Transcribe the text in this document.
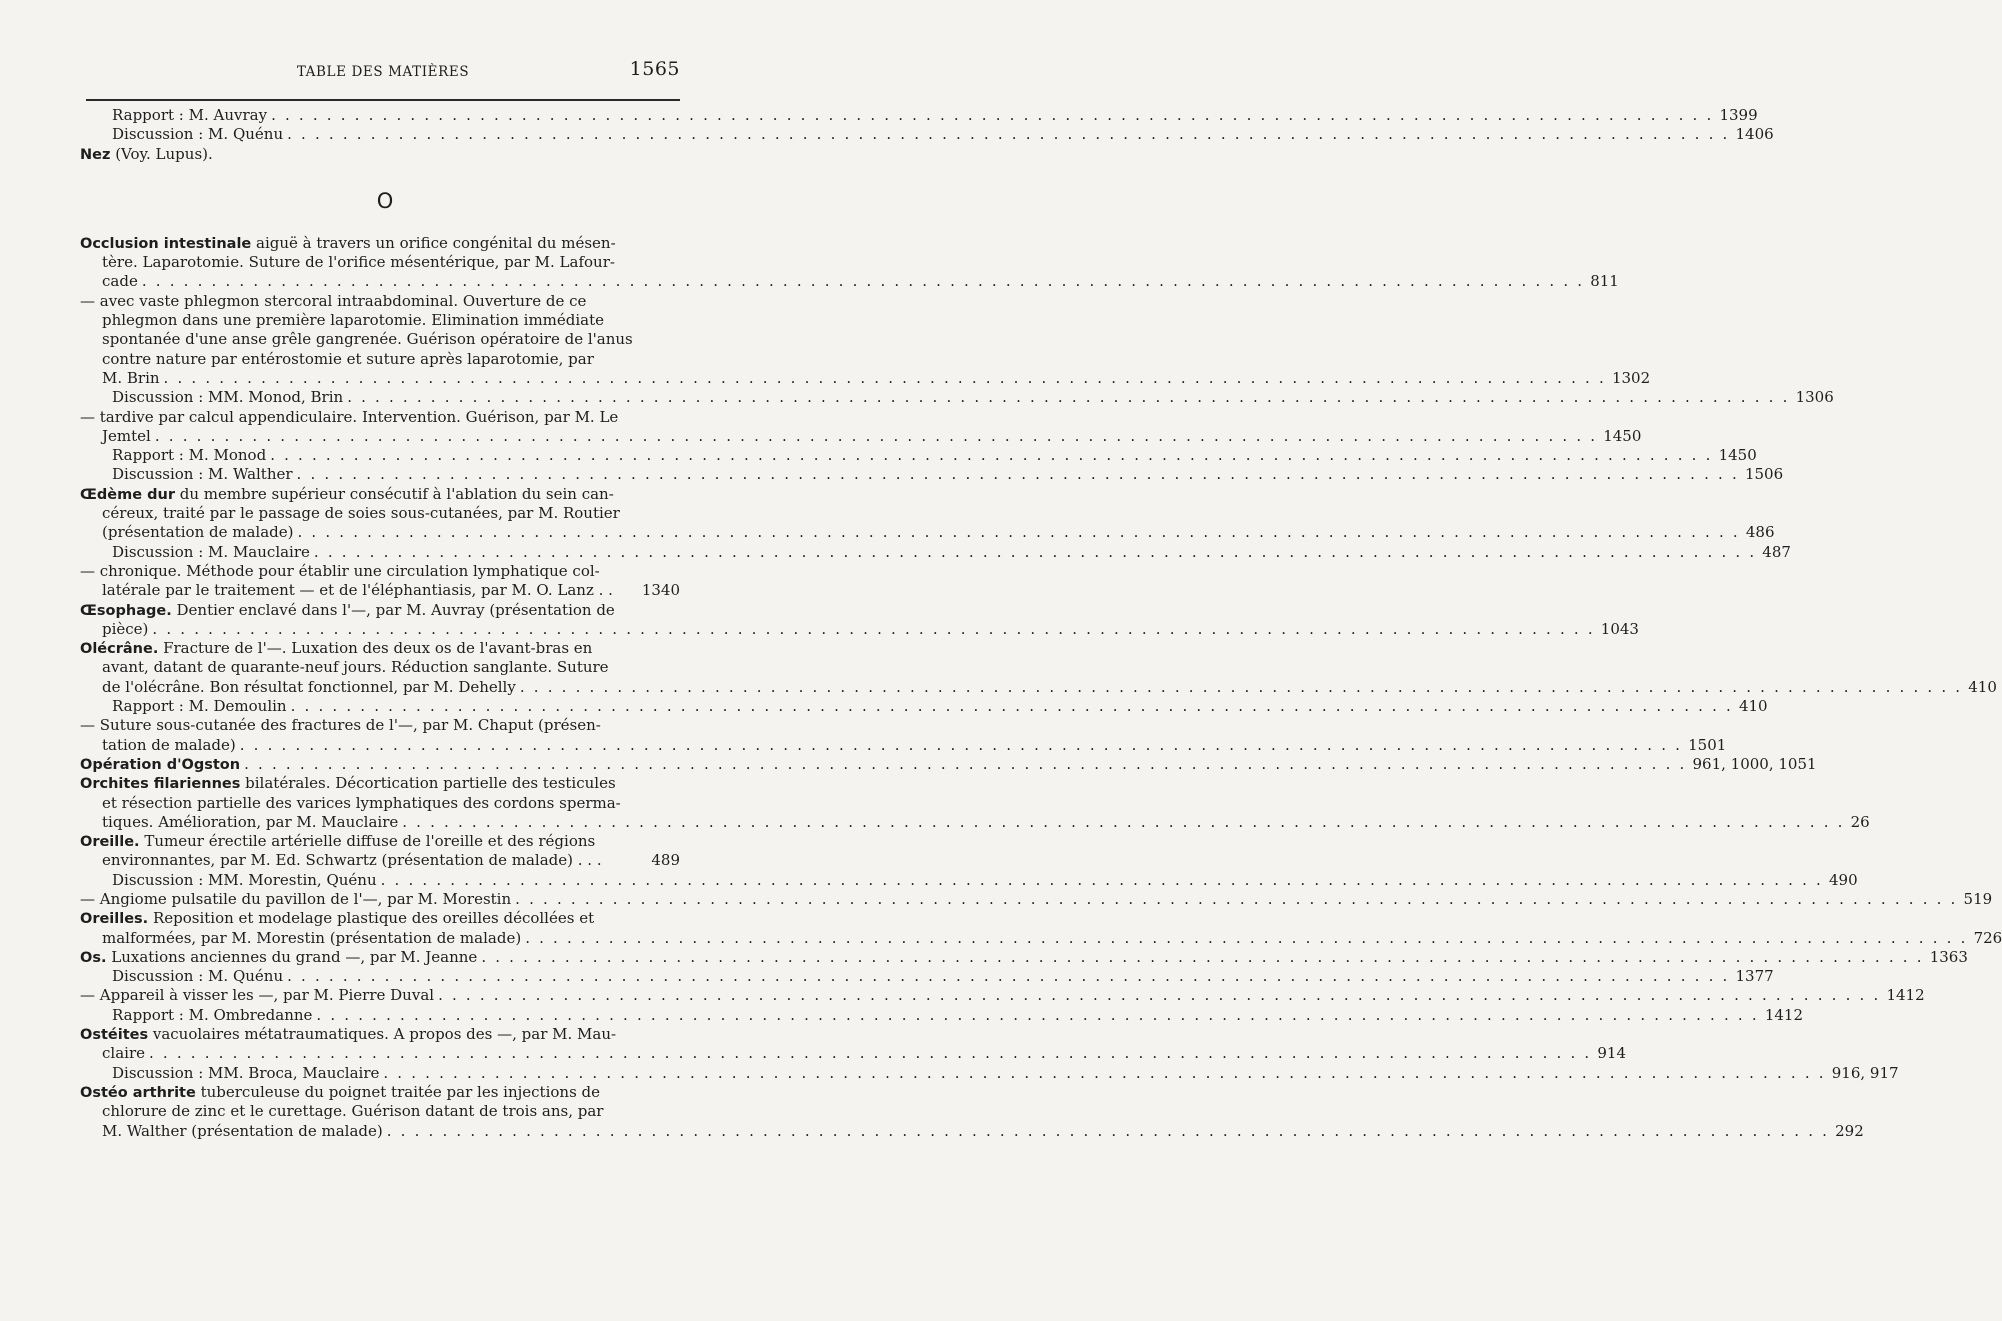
TABLE DES MATIÈRES	1565
Rapport : M. Auvray . . .	1399
Discussion : M. Quénu . . .	1406
Nez (Voy. Lupus).
O
Occlusion intestinale aiguë à travers un orifice congénital du mésen-
tère. Laparotomie. Suture de l'orifice mésentérique, par M. Lafour-
cade . . .	811
— avec vaste phlegmon stercoral intraabdominal. Ouverture de ce
phlegmon dans une première laparotomie. Elimination immédiate
spontanée d'une anse grêle gangrenée. Guérison opératoire de l'anus
contre nature par entérostomie et suture après laparotomie, par
M. Brin . . .	1302
Discussion : MM. Monod, Brin . . .	1306
— tardive par calcul appendiculaire. Intervention. Guérison, par M. Le
Jemtel . . .	1450
Rapport : M. Monod . . .	1450
Discussion : M. Walther . . .	1506
Œdème dur du membre supérieur consécutif à l'ablation du sein can-
céreux, traité par le passage de soies sous-cutanées, par M. Routier
(présentation de malade) . . .	486
Discussion : M. Mauclaire . . .	487
— chronique. Méthode pour établir une circulation lymphatique col-
latérale par le traitement — et de l'éléphantiasis, par M. O. Lanz . .	1340
Œsophage. Dentier enclavé dans l'—, par M. Auvray (présentation de
pièce) . . .	1043
Olécrâne. Fracture de l'—. Luxation des deux os de l'avant-bras en
avant, datant de quarante-neuf jours. Réduction sanglante. Suture
de l'olécrâne. Bon résultat fonctionnel, par M. Dehelly . . .	410
Rapport : M. Demoulin . . .	410
— Suture sous-cutanée des fractures de l'—, par M. Chaput (présen-
tation de malade) . . .	1501
Opération d'Ogston . . .	961, 1000, 1051
Orchites filariennes bilatérales. Décortication partielle des testicules
et résection partielle des varices lymphatiques des cordons sperma-
tiques. Amélioration, par M. Mauclaire . . .	26
Oreille. Tumeur érectile artérielle diffuse de l'oreille et des régions
environnantes, par M. Ed. Schwartz (présentation de malade) . . .	489
Discussion : MM. Morestin, Quénu . . .	490
— Angiome pulsatile du pavillon de l'—, par M. Morestin . . .	519
Oreilles. Reposition et modelage plastique des oreilles décollées et
malformées, par M. Morestin (présentation de malade) . . .	726
Os. Luxations anciennes du grand —, par M. Jeanne . . .	1363
Discussion : M. Quénu . . .	1377
— Appareil à visser les —, par M. Pierre Duval . . .	1412
Rapport : M. Ombredanne . . .	1412
Ostéites vacuolaires métatraumatiques. A propos des —, par M. Mau-
claire . . .	914
Discussion : MM. Broca, Mauclaire . . .	916, 917
Ostéo arthrite tuberculeuse du poignet traitée par les injections de
chlorure de zinc et le curettage. Guérison datant de trois ans, par
M. Walther (présentation de malade) . . .	292
